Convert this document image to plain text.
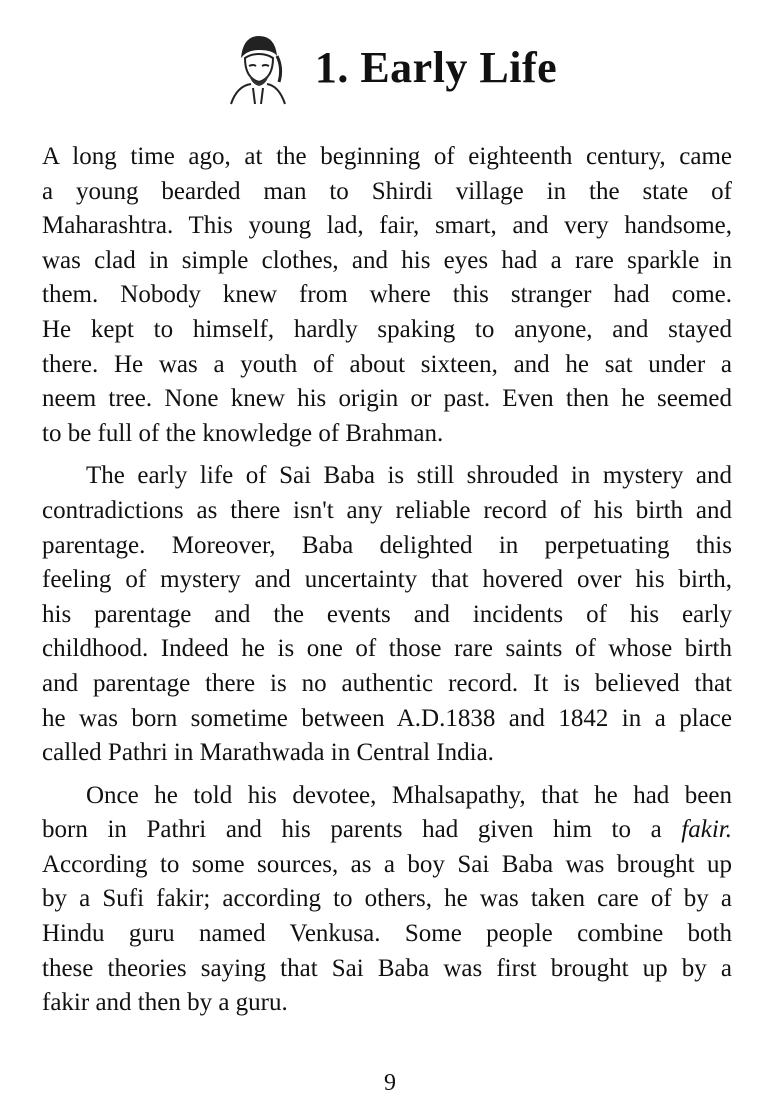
1. Early Life
A long time ago, at the beginning of eighteenth century, came
a young bearded man to Shirdi village in the state of
Maharashtra. This young lad, fair, smart, and very handsome,
was clad in simple clothes, and his eyes had a rare sparkle in
them. Nobody knew from where this stranger had come.
He kept to himself, hardly spaking to anyone, and stayed
there. He was a youth of about sixteen, and he sat under a
neem tree. None knew his origin or past. Even then he seemed
to be full of the knowledge of Brahman.
The early life of Sai Baba is still shrouded in mystery and
contradictions as there isn't any reliable record of his birth and
parentage. Moreover, Baba delighted in perpetuating this
feeling of mystery and uncertainty that hovered over his birth,
his parentage and the events and incidents of his early
childhood. Indeed he is one of those rare saints of whose birth
and parentage there is no authentic record. It is believed that
he was born sometime between A.D.1838 and 1842 in a place
called Pathri in Marathwada in Central India.
Once he told his devotee, Mhalsapathy, that he had been
born in Pathri and his parents had given him to a fakir.
According to some sources, as a boy Sai Baba was brought up
by a Sufi fakir; according to others, he was taken care of by a
Hindu guru named Venkusa. Some people combine both
these theories saying that Sai Baba was first brought up by a
fakir and then by a guru.
9
